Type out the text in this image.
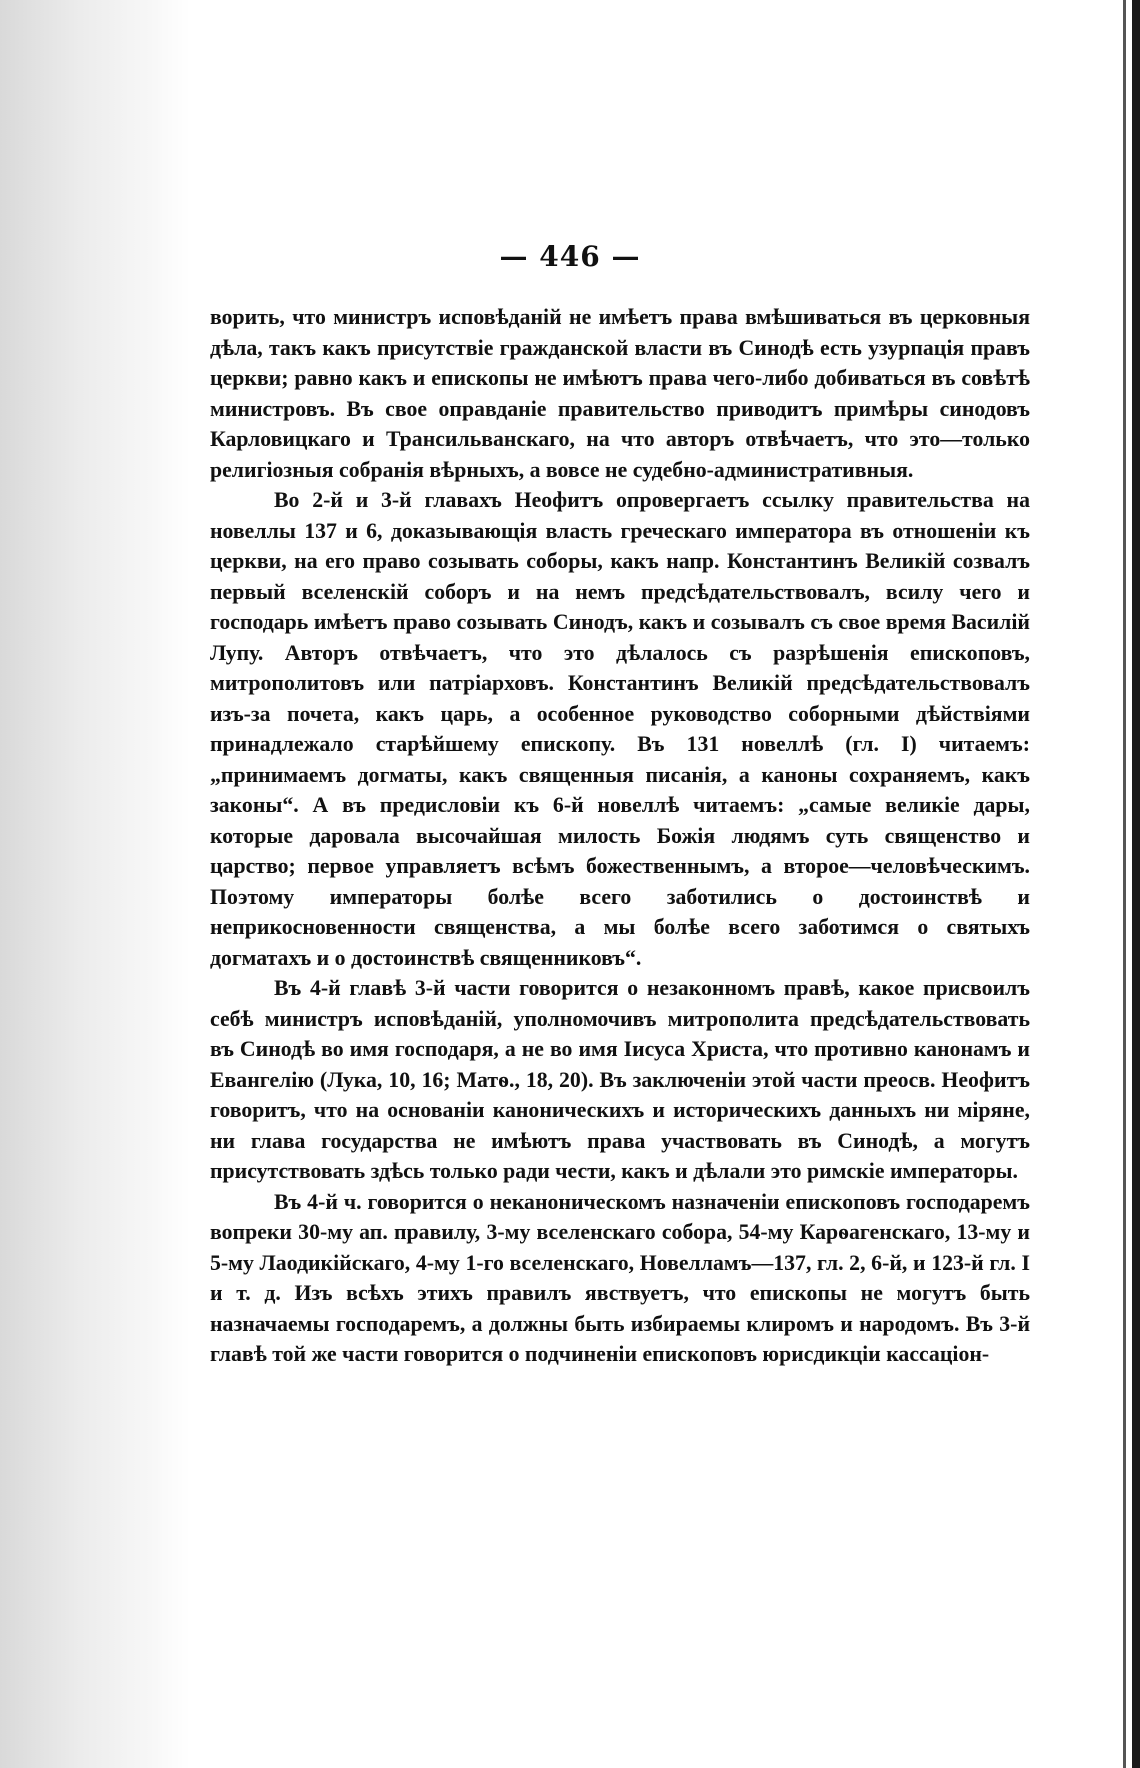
— 446 —

ворить, что министръ исповѣданій не имѣетъ права вмѣшиваться въ церковныя дѣла, такъ какъ присутствіе гражданской власти въ Синодѣ есть узурпація правъ церкви; равно какъ и епископы не имѣютъ права чего-либо добиваться въ совѣтѣ министровъ. Въ свое оправданіе правительство приводитъ примѣры синодовъ Карловицкаго и Трансильванскаго, на что авторъ отвѣчаетъ, что это—только религіозныя собранія вѣрныхъ, а вовсе не судебно-административныя.

Во 2-й и 3-й главахъ Неофитъ опровергаетъ ссылку правительства на новеллы 137 и 6, доказывающія власть греческаго императора въ отношеніи къ церкви, на его право созывать соборы, какъ напр. Константинъ Великій созвалъ первый вселенскій соборъ и на немъ предсѣдательствовалъ, всилу чего и господарь имѣетъ право созывать Синодъ, какъ и созывалъ съ свое время Василій Лупу. Авторъ отвѣчаетъ, что это дѣлалось съ разрѣшенія епископовъ, митрополитовъ или патріарховъ. Константинъ Великій предсѣдательствовалъ изъ-за почета, какъ царь, а особенное руководство соборными дѣйствіями принадлежало старѣйшему епископу. Въ 131 новеллѣ (гл. I) читаемъ: „принимаемъ догматы, какъ священныя писанія, а каноны сохраняемъ, какъ законы“. А въ предисловіи къ 6-й новеллѣ читаемъ: „самые великіе дары, которые даровала высочайшая милость Божія людямъ суть священство и царство; первое управляетъ всѣмъ божественнымъ, а второе—человѣческимъ. Поэтому императоры болѣе всего заботились о достоинствѣ и неприкосновенности священства, а мы болѣе всего заботимся о святыхъ догматахъ и о достоинствѣ священниковъ“.

Въ 4-й главѣ 3-й части говорится о незаконномъ правѣ, какое присвоилъ себѣ министръ исповѣданій, уполномочивъ митрополита предсѣдательствовать въ Синодѣ во имя господаря, а не во имя Іисуса Христа, что противно канонамъ и Евангелію (Лука, 10, 16; Матѳ., 18, 20). Въ заключеніи этой части преосв. Неофитъ говоритъ, что на основаніи каноническихъ и историческихъ данныхъ ни міряне, ни глава государства не имѣютъ права участвовать въ Синодѣ, а могутъ присутствовать здѣсь только ради чести, какъ и дѣлали это римскіе императоры.

Въ 4-й ч. говорится о неканоническомъ назначеніи епископовъ господаремъ вопреки 30-му ап. правилу, 3-му вселенскаго собора, 54-му Карѳагенскаго, 13-му и 5-му Лаодикійскаго, 4-му 1-го вселенскаго, Новелламъ—137, гл. 2, 6-й, и 123-й гл. I и т. д. Изъ всѣхъ этихъ правилъ явствуетъ, что епископы не могутъ быть назначаемы господаремъ, а должны быть избираемы клиромъ и народомъ. Въ 3-й главѣ той же части говорится о подчиненіи епископовъ юрисдикціи кассаціон-
